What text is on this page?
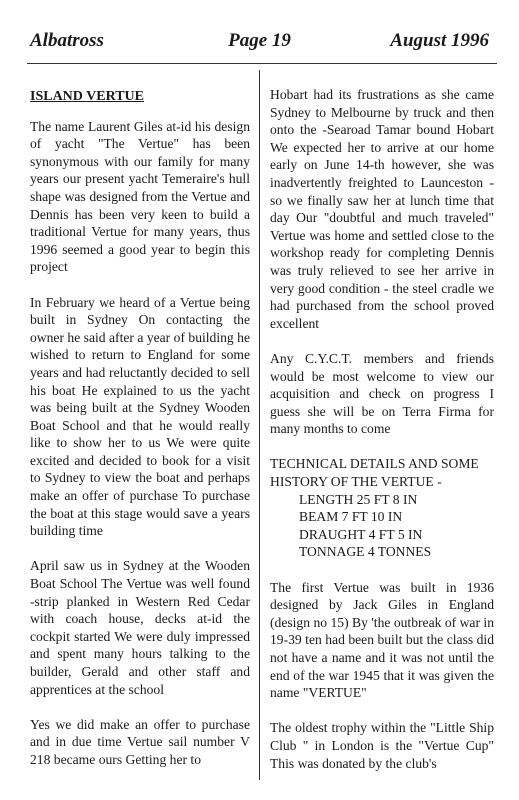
Albatross	Page 19	August 1996

ISLAND VERTUE

The name Laurent Giles at-id his design of yacht "The Vertue" has been synonymous with our family for many years our present yacht Temeraire's hull shape was designed from the Vertue and Dennis has been very keen to build a traditional Vertue for many years, thus 1996 seemed a good year to begin this project

In February we heard of a Vertue being built in Sydney On contacting the owner he said after a year of building he wished to return to England for some years and had reluctantly decided to sell his boat He explained to us the yacht was being built at the Sydney Wooden Boat School and that he would really like to show her to us We were quite excited and decided to book for a visit to Sydney to view the boat and perhaps make an offer of purchase To purchase the boat at this stage would save a years building time

April saw us in Sydney at the Wooden Boat School The Vertue was well found -strip planked in Western Red Cedar with coach house, decks at-id the cockpit started We were duly impressed and spent many hours talking to the builder, Gerald and other staff and apprentices at the school

Yes we did make an offer to purchase and in due time Vertue sail number V 218 became ours Getting her to

Hobart had its frustrations as she came Sydney to Melbourne by truck and then onto the -Searoad Tamar bound Hobart We expected her to arrive at our home early on June 14-th however, she was inadvertently freighted to Launceston -so we finally saw her at lunch time that day Our "doubtful and much traveled" Vertue was home and settled close to the workshop ready for completing Dennis was truly relieved to see her arrive in very good condition - the steel cradle we had purchased from the school proved excellent

Any C.Y.C.T. members and friends would be most welcome to view our acquisition and check on progress I guess she will be on Terra Firma for many months to come

TECHNICAL DETAILS AND SOME HISTORY OF THE VERTUE -

LENGTH 25 FT 8 IN
BEAM 7 FT 10 IN
DRAUGHT 4 FT 5 IN
TONNAGE 4 TONNES

The first Vertue was built in 1936 designed by Jack Giles in England (design no 15) By 'the outbreak of war in 19-39 ten had been built but the class did not have a name and it was not until the end of the war 1945 that it was given the name "VERTUE"

The oldest trophy within the "Little Ship Club " in London is the "Vertue Cup" This was donated by the club's
